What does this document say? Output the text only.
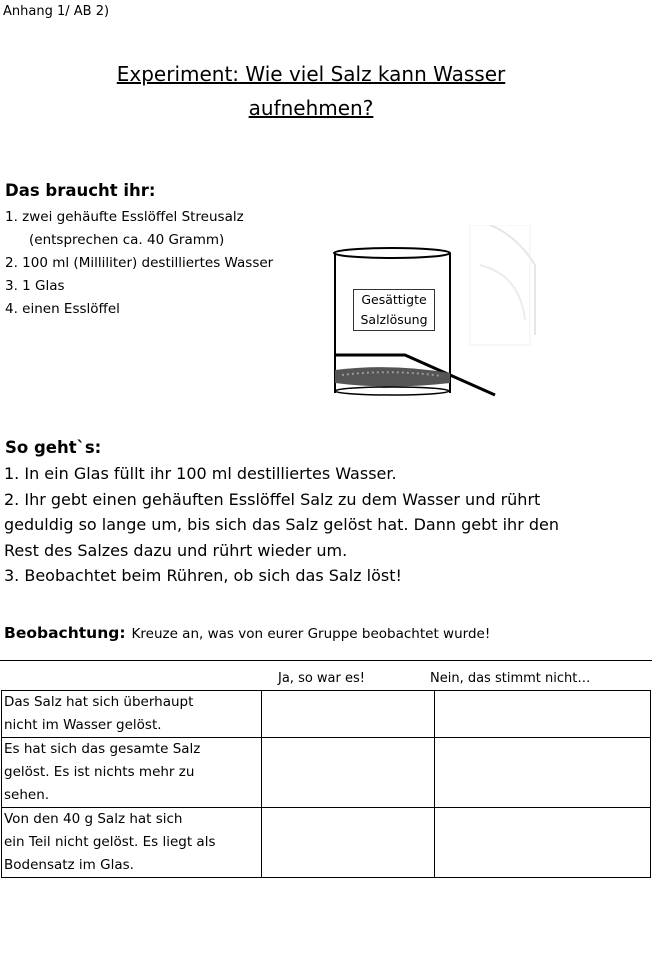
Anhang 1/ AB 2)
Experiment: Wie viel Salz kann Wasser
aufnehmen?
Das braucht ihr:
1. zwei gehäufte Esslöffel Streusalz
(entsprechen ca. 40 Gramm)
2. 100 ml (Milliliter) destilliertes Wasser
3. 1 Glas
4. einen Esslöffel
Gesättigte
Salzlösung
So geht`s:
1. In ein Glas füllt ihr 100 ml destilliertes Wasser.
2. Ihr gebt einen gehäuften Esslöffel Salz zu dem Wasser und rührt
geduldig so lange um, bis sich das Salz gelöst hat. Dann gebt ihr den
Rest des Salzes dazu und rührt wieder um.
3. Beobachtet beim Rühren, ob sich das Salz löst!
Beobachtung: Kreuze an, was von eurer Gruppe beobachtet wurde!
Ja, so war es!	Nein, das stimmt nicht…
Das Salz hat sich überhaupt
nicht im Wasser gelöst.		

Es hat sich das gesamte Salz
gelöst. Es ist nichts mehr zu
sehen.		

Von den 40 g Salz hat sich
ein Teil nicht gelöst. Es liegt als
Bodensatz im Glas.		
